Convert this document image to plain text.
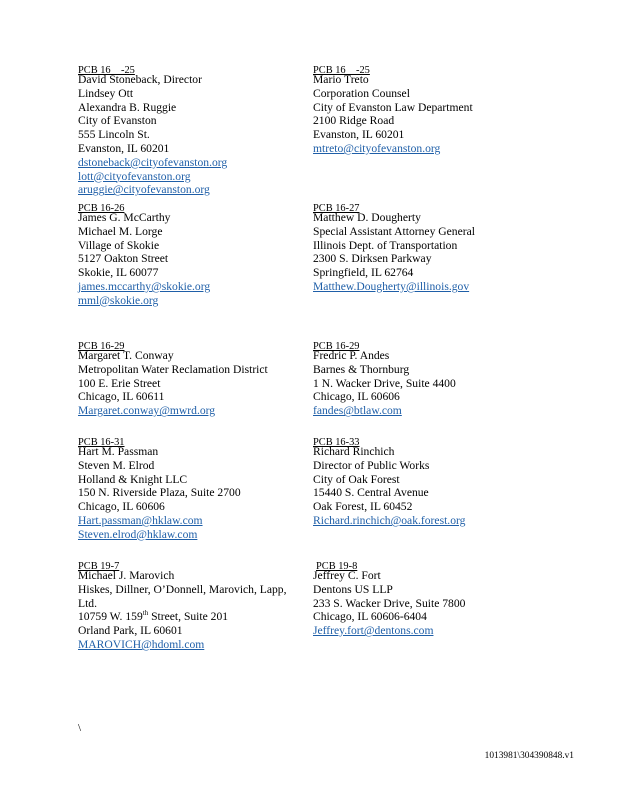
PCB 16    -25
David Stoneback, Director
Lindsey Ott
Alexandra B. Ruggie
City of Evanston
555 Lincoln St.
Evanston, IL 60201
dstoneback@cityofevanston.org
lott@cityofevanston.org
aruggie@cityofevanston.org
PCB 16-26
James G. McCarthy
Michael M. Lorge
Village of Skokie
5127 Oakton Street
Skokie, IL 60077
james.mccarthy@skokie.org
mml@skokie.org
PCB 16-29
Margaret T. Conway
Metropolitan Water Reclamation District
100 E. Erie Street
Chicago, IL 60611
Margaret.conway@mwrd.org
PCB 16-31
Hart M. Passman
Steven M. Elrod
Holland & Knight LLC
150 N. Riverside Plaza, Suite 2700
Chicago, IL 60606
Hart.passman@hklaw.com
Steven.elrod@hklaw.com
PCB 19-7
Michael J. Marovich
Hiskes, Dillner, O’Donnell, Marovich, Lapp,
Ltd.
10759 W. 159th Street, Suite 201
Orland Park, IL 60601
MAROVICH@hdoml.com
PCB 16    -25
Mario Treto
Corporation Counsel
City of Evanston Law Department
2100 Ridge Road
Evanston, IL 60201
mtreto@cityofevanston.org
PCB 16-27
Matthew D. Dougherty
Special Assistant Attorney General
Illinois Dept. of Transportation
2300 S. Dirksen Parkway
Springfield, IL 62764
Matthew.Dougherty@illinois.gov
PCB 16-29
Fredric P. Andes
Barnes & Thornburg
1 N. Wacker Drive, Suite 4400
Chicago, IL 60606
fandes@btlaw.com
PCB 16-33
Richard Rinchich
Director of Public Works
City of Oak Forest
15440 S. Central Avenue
Oak Forest, IL 60452
Richard.rinchich@oak.forest.org
PCB 19-8
Jeffrey C. Fort
Dentons US LLP
233 S. Wacker Drive, Suite 7800
Chicago, IL 60606-6404
Jeffrey.fort@dentons.com
\
1013981\304390848.v1
